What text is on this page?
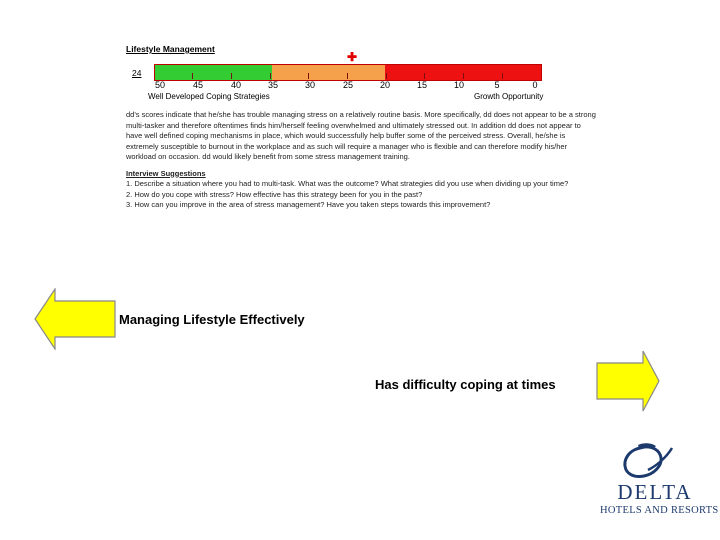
Lifestyle Management
✚
24
50	45	40	35	30	25	20	15	10	5	0
Well Developed Coping Strategies	Growth Opportunity

dd's scores indicate that he/she has trouble managing stress on a relatively routine basis. More specifically, dd does not appear to be a strong multi-tasker and therefore oftentimes finds him/herself feeling overwhelmed and ultimately stressed out. In addition dd does not appear to have well defined coping mechanisms in place, which would successfully help buffer some of the perceived stress. Overall, he/she is extremely susceptible to burnout in the workplace and as such will require a manager who is flexible and can therefore modify his/her workload on occasion. dd would likely benefit from some stress management training.

Interview Suggestions

1. Describe a situation where you had to multi-task. What was the outcome? What strategies did you use when dividing up your time?

2. How do you cope with stress? How effective has this strategy been for you in the past?

3. How can you improve in the area of stress management? Have you taken steps towards this improvement?

Managing Lifestyle Effectively
Has difficulty coping at times
DELTA
HOTELS AND RESORTS
